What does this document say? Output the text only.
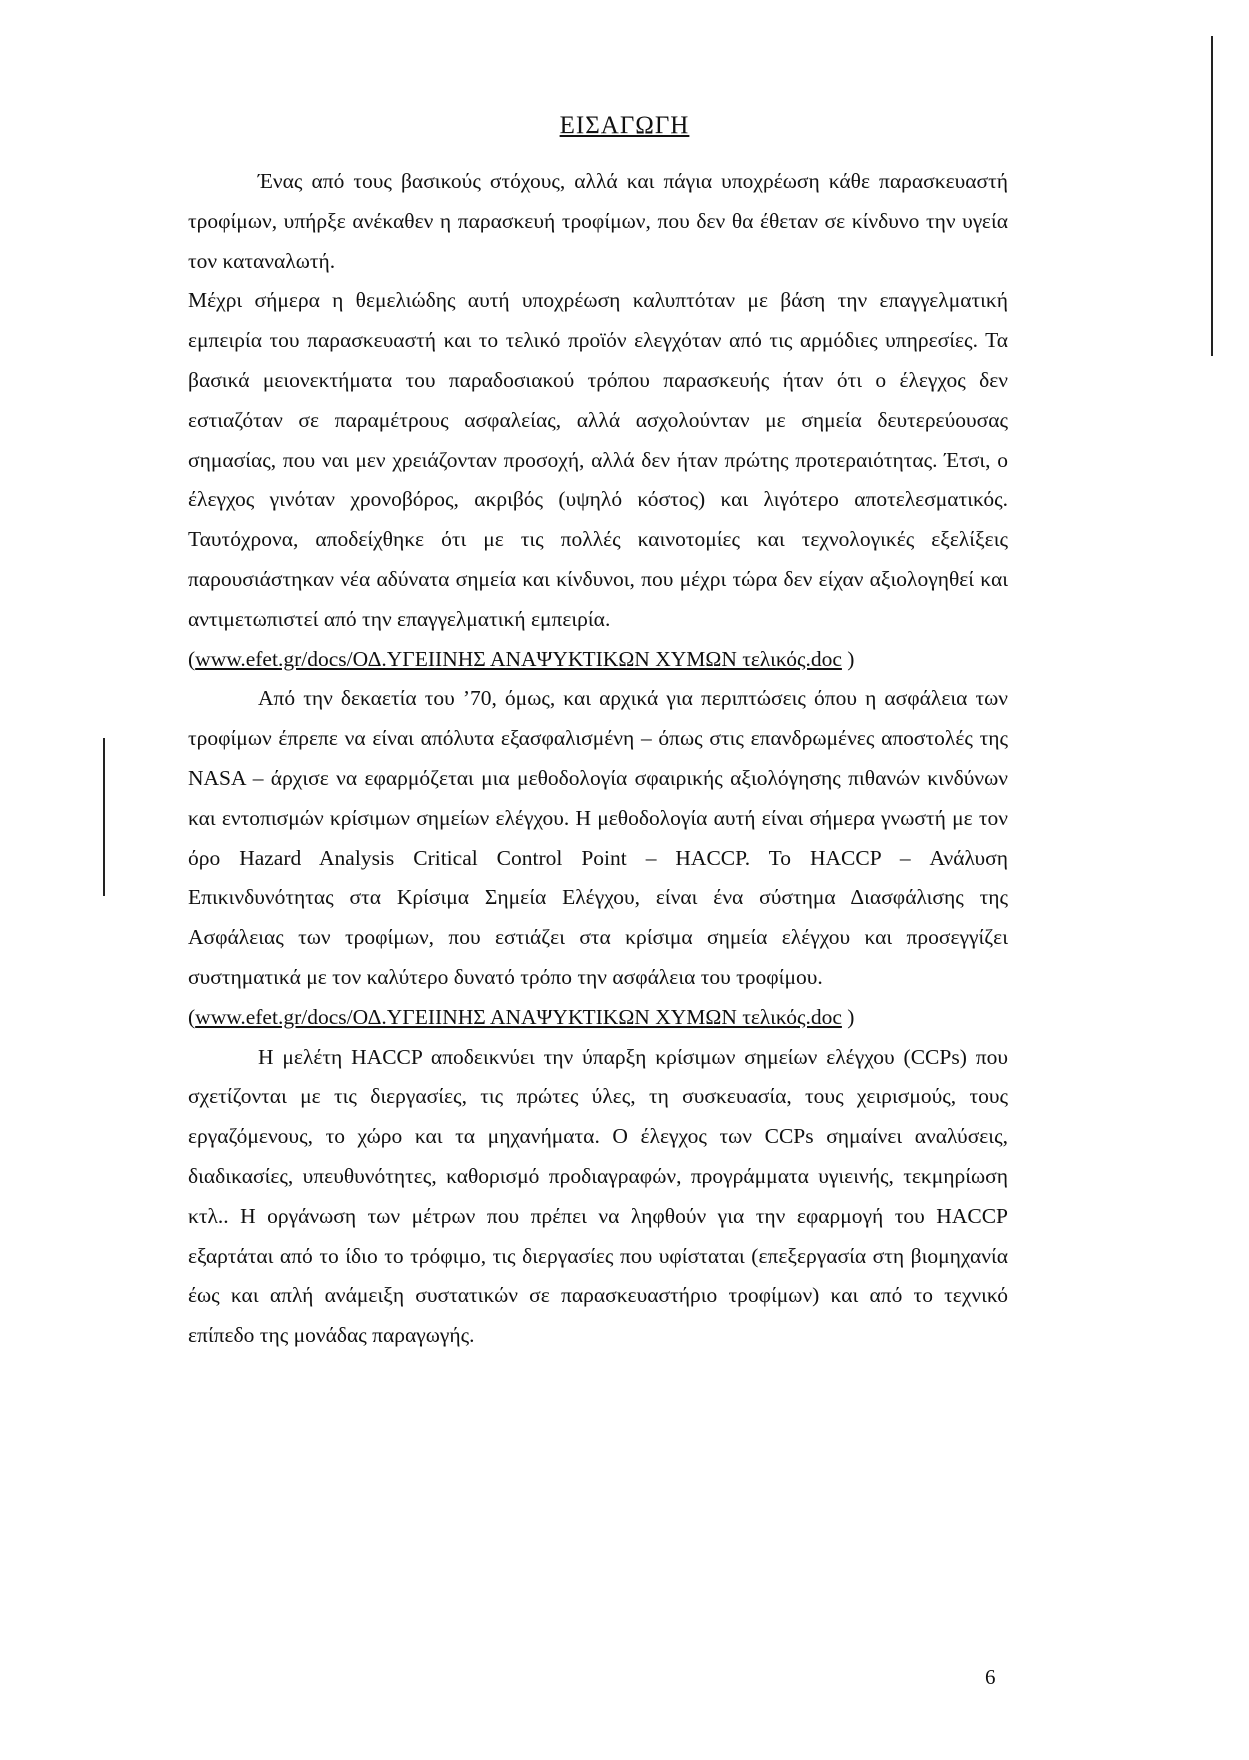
ΕΙΣΑΓΩΓΗ

Ένας από τους βασικούς στόχους, αλλά και πάγια υποχρέωση κάθε παρασκευαστή τροφίμων, υπήρξε ανέκαθεν η παρασκευή τροφίμων, που δεν θα έθεταν σε κίνδυνο την υγεία τον καταναλωτή.

Μέχρι σήμερα η θεμελιώδης αυτή υποχρέωση καλυπτόταν με βάση την επαγγελματική εμπειρία του παρασκευαστή και το τελικό προϊόν ελεγχόταν από τις αρμόδιες υπηρεσίες. Τα βασικά μειονεκτήματα του παραδοσιακού τρόπου παρασκευής ήταν ότι ο έλεγχος δεν εστιαζόταν σε παραμέτρους ασφαλείας, αλλά ασχολούνταν με σημεία δευτερεύουσας σημασίας, που ναι μεν χρειάζονταν προσοχή, αλλά δεν ήταν πρώτης προτεραιότητας. Έτσι, ο έλεγχος γινόταν χρονοβόρος, ακριβός (υψηλό κόστος) και λιγότερο αποτελεσματικός. Ταυτόχρονα, αποδείχθηκε ότι με τις πολλές καινοτομίες και τεχνολογικές εξελίξεις παρουσιάστηκαν νέα αδύνατα σημεία και κίνδυνοι, που μέχρι τώρα δεν είχαν αξιολογηθεί και αντιμετωπιστεί από την επαγγελματική εμπειρία.

(www.efet.gr/docs/ΟΔ.ΥΓΕΙΙΝΗΣ ΑΝΑΨΥΚΤΙΚΩΝ ΧΥΜΩΝ τελικός.doc )

Από την δεκαετία του ’70, όμως, και αρχικά για περιπτώσεις όπου η ασφάλεια των τροφίμων έπρεπε να είναι απόλυτα εξασφαλισμένη – όπως στις επανδρωμένες αποστολές της NASA – άρχισε να εφαρμόζεται μια μεθοδολογία σφαιρικής αξιολόγησης πιθανών κινδύνων και εντοπισμών κρίσιμων σημείων ελέγχου. Η μεθοδολογία αυτή είναι σήμερα γνωστή με τον όρο Hazard Analysis Critical Control Point – HACCP. To HACCP – Ανάλυση Επικινδυνότητας στα Κρίσιμα Σημεία Ελέγχου, είναι ένα σύστημα Διασφάλισης της Ασφάλειας των τροφίμων, που εστιάζει στα κρίσιμα σημεία ελέγχου και προσεγγίζει συστηματικά με τον καλύτερο δυνατό τρόπο την ασφάλεια του τροφίμου.

(www.efet.gr/docs/ΟΔ.ΥΓΕΙΙΝΗΣ ΑΝΑΨΥΚΤΙΚΩΝ ΧΥΜΩΝ τελικός.doc )

Η μελέτη HACCP αποδεικνύει την ύπαρξη κρίσιμων σημείων ελέγχου (CCPs) που σχετίζονται με τις διεργασίες, τις πρώτες ύλες, τη συσκευασία, τους χειρισμούς, τους εργαζόμενους, το χώρο και τα μηχανήματα. Ο έλεγχος των CCPs σημαίνει αναλύσεις, διαδικασίες, υπευθυνότητες, καθορισμό προδιαγραφών, προγράμματα υγιεινής, τεκμηρίωση κτλ.. Η οργάνωση των μέτρων που πρέπει να ληφθούν για την εφαρμογή του HACCP εξαρτάται από το ίδιο το τρόφιμο, τις διεργασίες που υφίσταται (επεξεργασία στη βιομηχανία έως και απλή ανάμειξη συστατικών σε παρασκευαστήριο τροφίμων) και από το τεχνικό επίπεδο της μονάδας παραγωγής.

6
